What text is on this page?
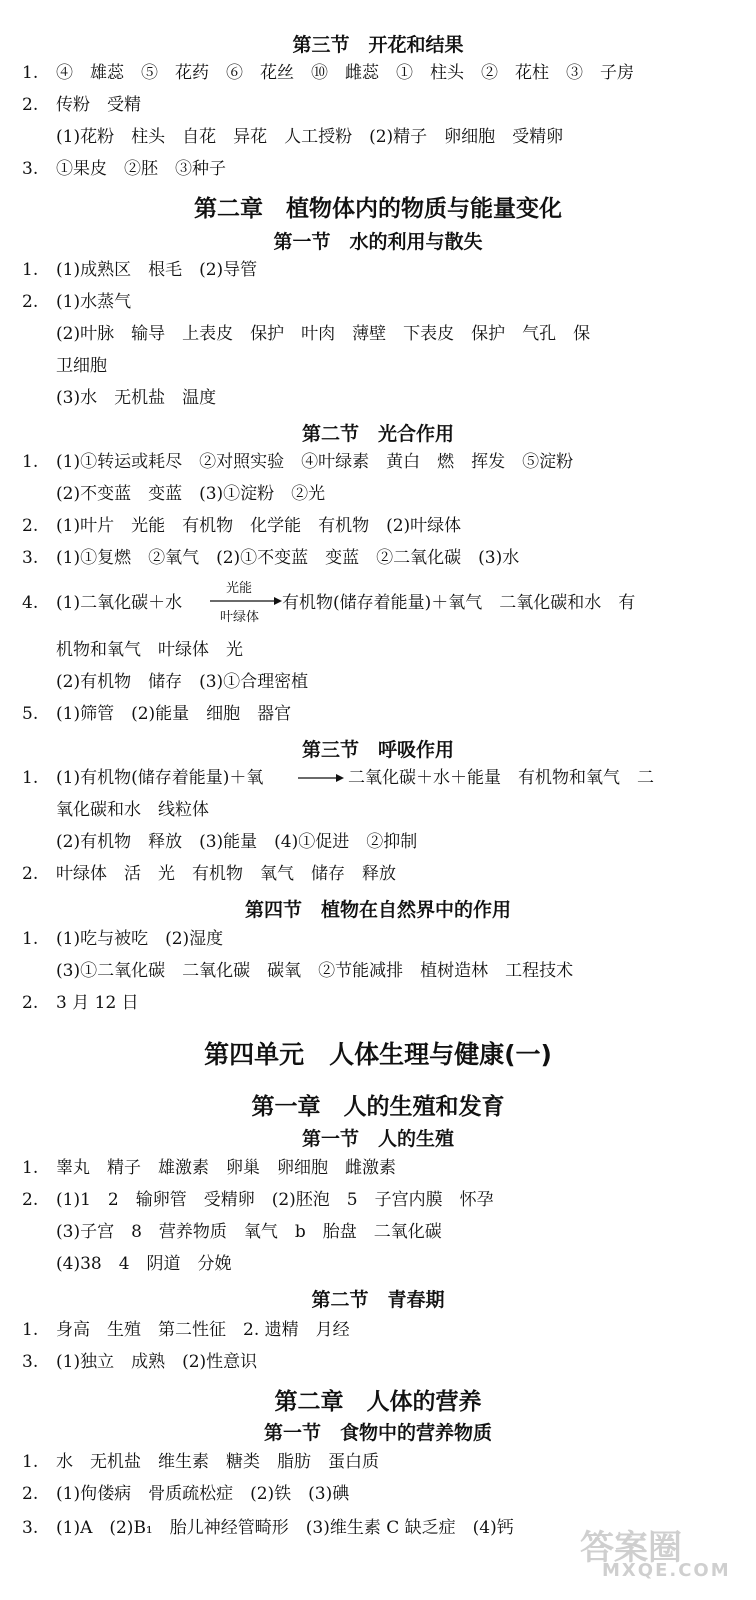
第三节　开花和结果
1. ④　雄蕊　⑤　花药　⑥　花丝　⑩　雌蕊　①　柱头　②　花柱　③　子房
2. 传粉　受精
(1)花粉　柱头　自花　异花　人工授粉　(2)精子　卵细胞　受精卵
3. ①果皮　②胚　③种子
第二章　植物体内的物质与能量变化
第一节　水的利用与散失
1. (1)成熟区　根毛　(2)导管
2. (1)水蒸气
(2)叶脉　输导　上表皮　保护　叶肉　薄壁　下表皮　保护　气孔　保
卫细胞
(3)水　无机盐　温度
第二节　光合作用
1. (1)①转运或耗尽　②对照实验　④叶绿素　黄白　燃　挥发　⑤淀粉
(2)不变蓝　变蓝　(3)①淀粉　②光
2. (1)叶片　光能　有机物　化学能　有机物　(2)叶绿体
3. (1)①复燃　②氧气　(2)①不变蓝　变蓝　②二氧化碳　(3)水
4. (1)二氧化碳＋水
光能
叶绿体
有机物(储存着能量)＋氧气　二氧化碳和水　有
机物和氧气　叶绿体　光
(2)有机物　储存　(3)①合理密植
5. (1)筛管　(2)能量　细胞　器官
第三节　呼吸作用
1. (1)有机物(储存着能量)＋氧 → 二氧化碳＋水＋能量　有机物和氧气　二
氧化碳和水　线粒体
(2)有机物　释放　(3)能量　(4)①促进　②抑制
2. 叶绿体　活　光　有机物　氧气　储存　释放
第四节　植物在自然界中的作用
1. (1)吃与被吃　(2)湿度
(3)①二氧化碳　二氧化碳　碳氧　②节能减排　植树造林　工程技术
2. 3 月 12 日
第四单元　人体生理与健康(一)
第一章　人的生殖和发育
第一节　人的生殖
1. 睾丸　精子　雄激素　卵巢　卵细胞　雌激素
2. (1)1　2　输卵管　受精卵　(2)胚泡　5　子宫内膜　怀孕
(3)子宫　8　营养物质　氧气　b　胎盘　二氧化碳
(4)38　4　阴道　分娩
第二节　青春期
1. 身高　生殖　第二性征　2. 遗精　月经
3. (1)独立　成熟　(2)性意识
第二章　人体的营养
第一节　食物中的营养物质
1. 水　无机盐　维生素　糖类　脂肪　蛋白质
2. (1)佝偻病　骨质疏松症　(2)铁　(3)碘
3. (1)A　(2)B₁　胎儿神经管畸形　(3)维生素 C 缺乏症　(4)钙 答案圈
MXQE.COM
